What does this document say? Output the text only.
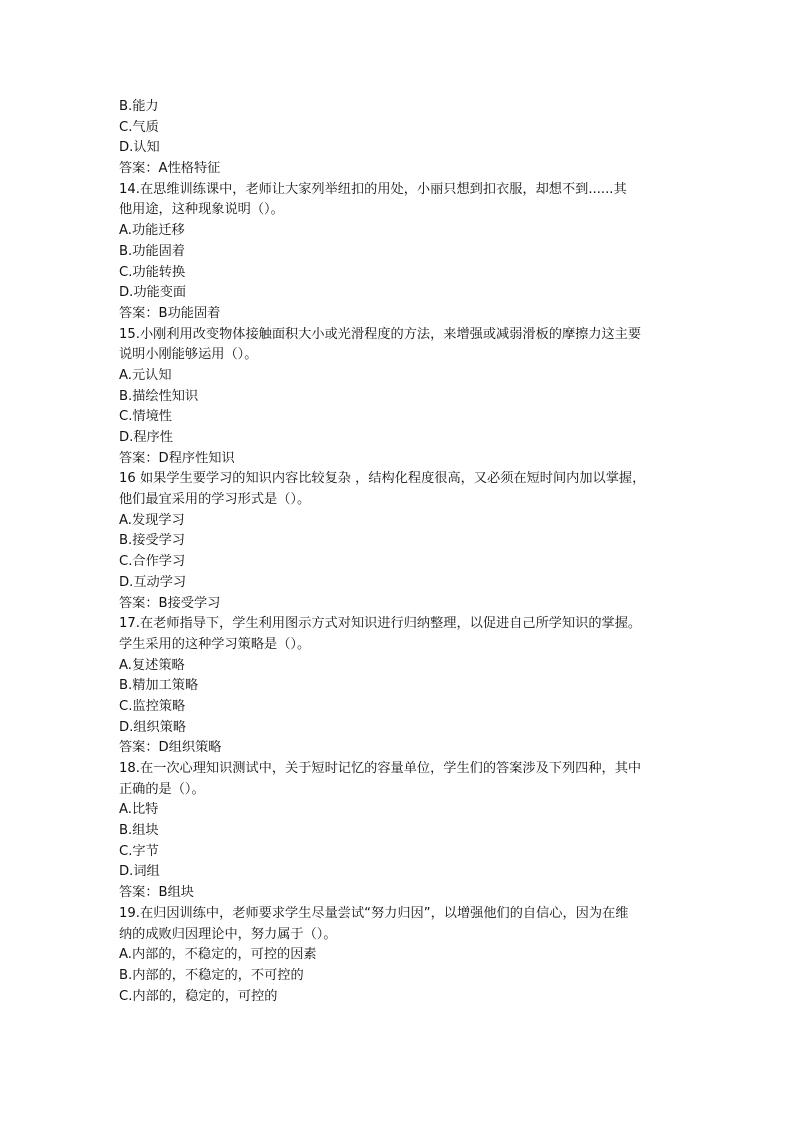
B.能力
C.气质
D.认知
答案：A性格特征
14.在思维训练课中，老师让大家列举纽扣的用处，小丽只想到扣衣服，却想不到......其
他用途，这种现象说明（）。
A.功能迁移
B.功能固着
C.功能转换
D.功能变面
答案：B功能固着
15.小刚利用改变物体接触面积大小或光滑程度的方法，来增强或减弱滑板的摩擦力这主要
说明小刚能够运用（）。
A.元认知
B.描绘性知识
C.情境性
D.程序性
答案：D程序性知识
16 如果学生要学习的知识内容比较复杂 ，结构化程度很高，又必须在短时间内加以掌握，
他们最宜采用的学习形式是（）。
A.发现学习
B.接受学习
C.合作学习
D.互动学习
答案：B接受学习
17.在老师指导下，学生利用图示方式对知识进行归纳整理，以促进自己所学知识的掌握。
学生采用的这种学习策略是（）。
A.复述策略
B.精加工策略
C.监控策略
D.组织策略
答案：D组织策略
18.在一次心理知识测试中，关于短时记忆的容量单位，学生们的答案涉及下列四种，其中
正确的是（）。
A.比特
B.组块
C.字节
D.词组
答案：B组块
19.在归因训练中，老师要求学生尽量尝试“努力归因”，以增强他们的自信心，因为在维
纳的成败归因理论中，努力属于（）。
A.内部的，不稳定的，可控的因素
B.内部的，不稳定的，不可控的
C.内部的，稳定的，可控的
